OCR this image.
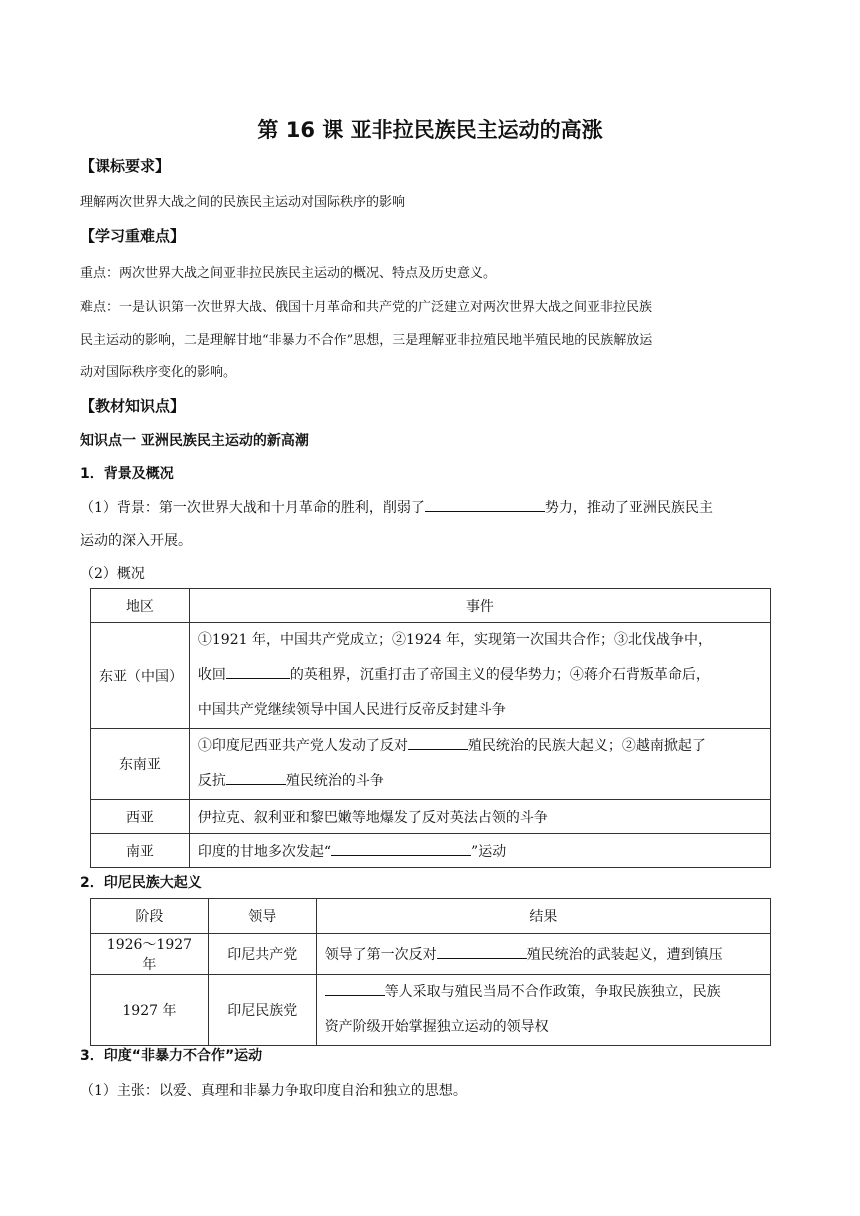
第 16 课 亚非拉民族民主运动的高涨
【课标要求】
理解两次世界大战之间的民族民主运动对国际秩序的影响
【学习重难点】
重点：两次世界大战之间亚非拉民族民主运动的概况、特点及历史意义。
难点：一是认识第一次世界大战、俄国十月革命和共产党的广泛建立对两次世界大战之间亚非拉民族
民主运动的影响，二是理解甘地“非暴力不合作”思想，三是理解亚非拉殖民地半殖民地的民族解放运
动对国际秩序变化的影响。
【教材知识点】
知识点一 亚洲民族民主运动的新高潮
1．背景及概况
（1）背景：第一次世界大战和十月革命的胜利，削弱了	势力，推动了亚洲民族民主
运动的深入开展。
（2）概况
地区	事件
东亚（中国）	①1921 年，中国共产党成立；②1924 年，实现第一次国共合作；③北伐战争中，
收回 的英租界，沉重打击了帝国主义的侵华势力；④蒋介石背叛革命后，
中国共产党继续领导中国人民进行反帝反封建斗争

东南亚	①印度尼西亚共产党人发动了反对 殖民统治的民族大起义；②越南掀起了
反抗 殖民统治的斗争

西亚	伊拉克、叙利亚和黎巴嫩等地爆发了反对英法占领的斗争
南亚	印度的甘地多次发起“ ”运动
2．印尼民族大起义
阶段	领导	结果
1926～1927 年	印尼共产党	领导了第一次反对 殖民统治的武装起义，遭到镇压
1927 年	印尼民族党	等人采取与殖民当局不合作政策，争取民族独立，民族
资产阶级开始掌握独立运动的领导权
3．印度“非暴力不合作”运动
（1）主张：以爱、真理和非暴力争取印度自治和独立的思想。
